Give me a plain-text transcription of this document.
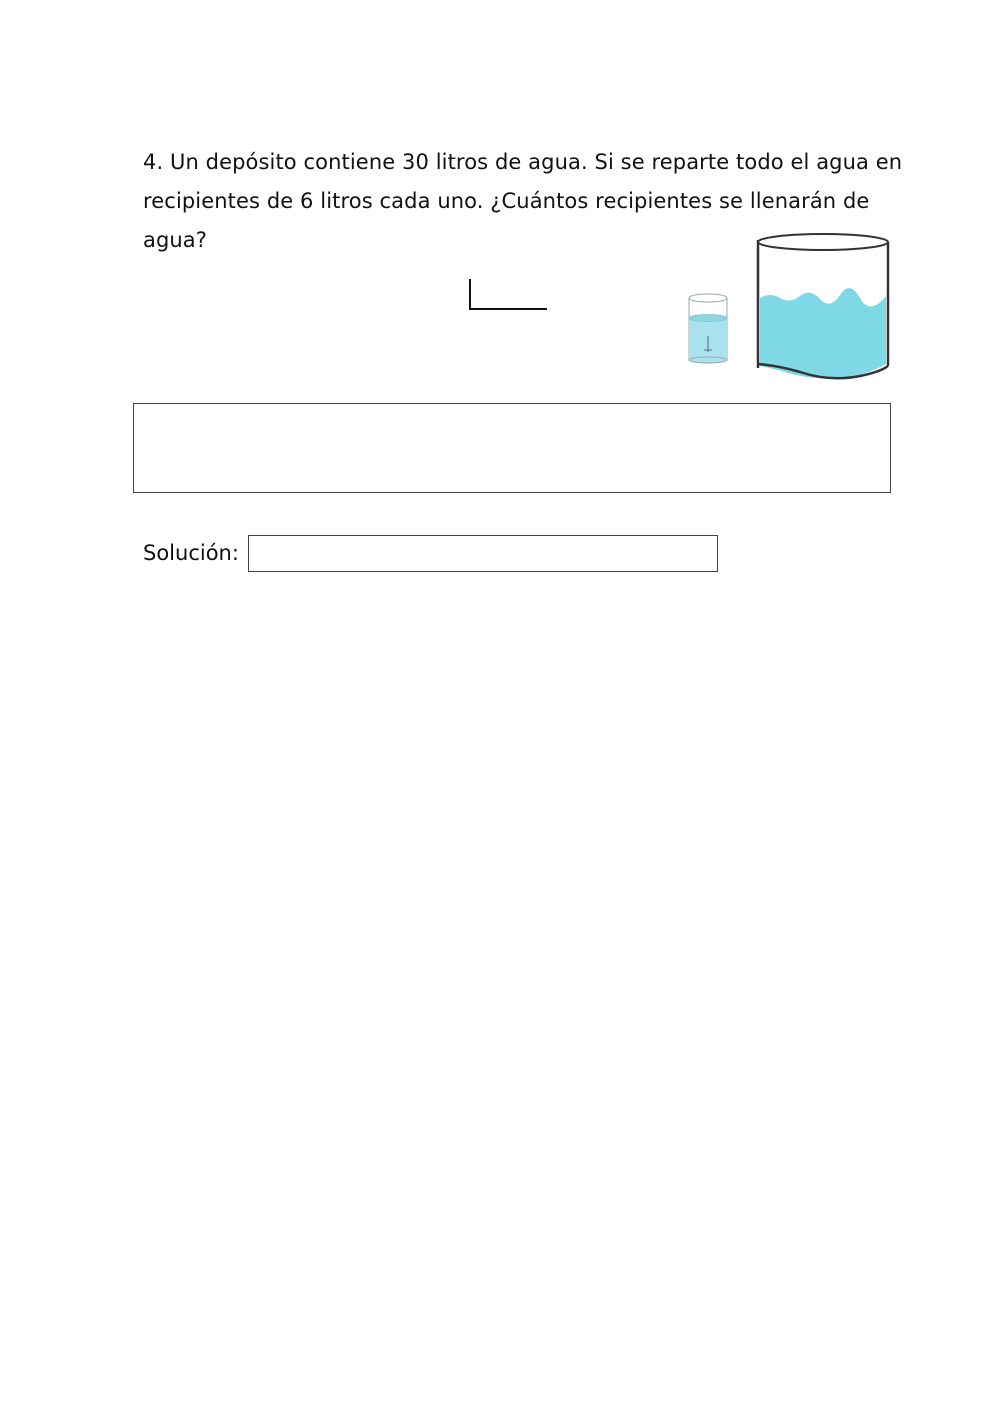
4. Un depósito contiene 30 litros de agua. Si se reparte todo el agua en recipientes de 6 litros cada uno. ¿Cuántos recipientes se llenarán de agua?

Solución:
